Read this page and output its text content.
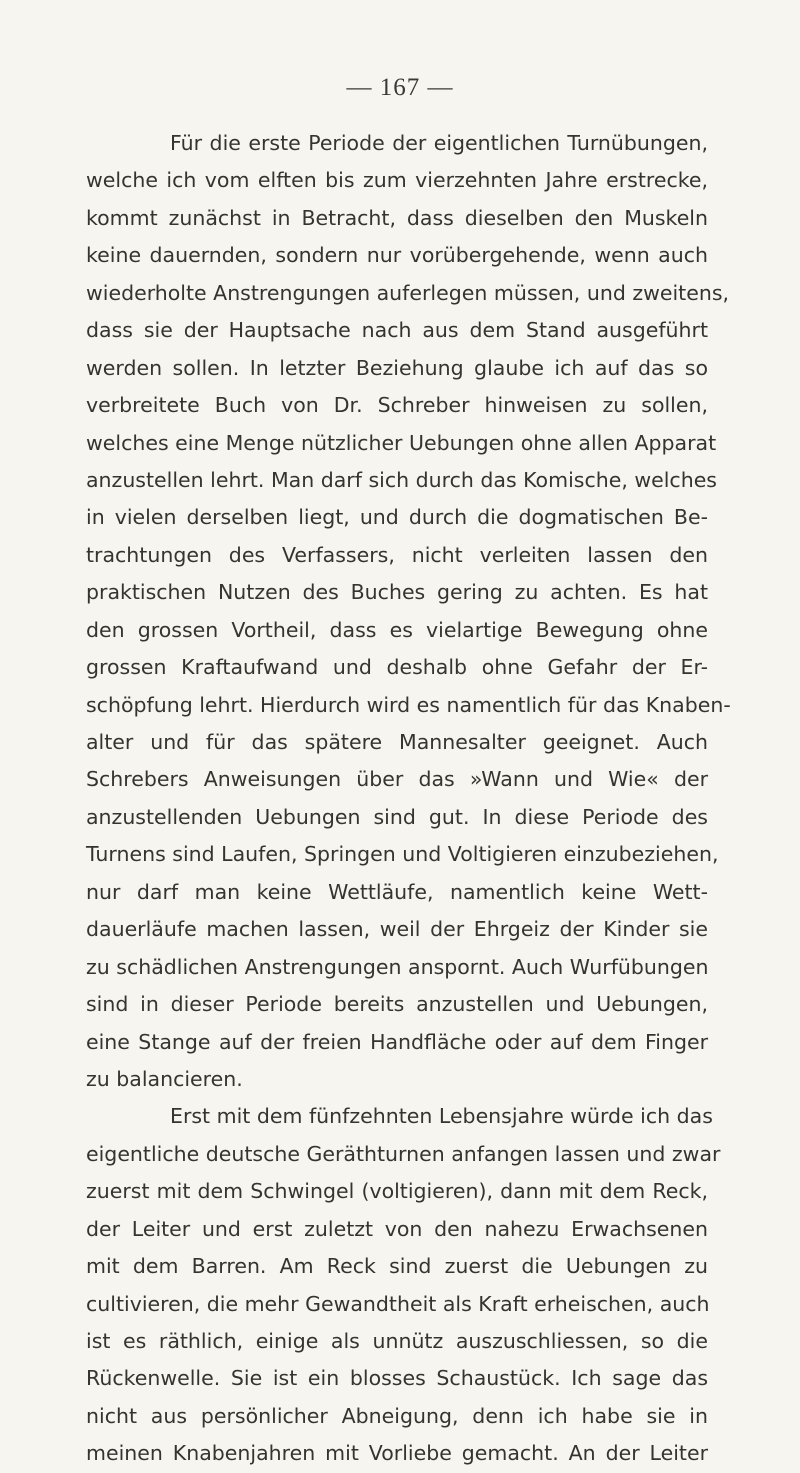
— 167 —
Für die erste Periode der eigentlichen Turnübungen,
welche ich vom elften bis zum vierzehnten Jahre erstrecke,
kommt zunächst in Betracht, dass dieselben den Muskeln
keine dauernden, sondern nur vorübergehende, wenn auch
wiederholte Anstrengungen auferlegen müssen, und zweitens,
dass sie der Hauptsache nach aus dem Stand ausgeführt
werden sollen. In letzter Beziehung glaube ich auf das so
verbreitete Buch von Dr. Schreber hinweisen zu sollen,
welches eine Menge nützlicher Uebungen ohne allen Apparat
anzustellen lehrt. Man darf sich durch das Komische, welches
in vielen derselben liegt, und durch die dogmatischen Be-
trachtungen des Verfassers, nicht verleiten lassen den
praktischen Nutzen des Buches gering zu achten. Es hat
den grossen Vortheil, dass es vielartige Bewegung ohne
grossen Kraftaufwand und deshalb ohne Gefahr der Er-
schöpfung lehrt. Hierdurch wird es namentlich für das Knaben-
alter und für das spätere Mannesalter geeignet. Auch
Schrebers Anweisungen über das »Wann und Wie« der
anzustellenden Uebungen sind gut. In diese Periode des
Turnens sind Laufen, Springen und Voltigieren einzubeziehen,
nur darf man keine Wettläufe, namentlich keine Wett-
dauerläufe machen lassen, weil der Ehrgeiz der Kinder sie
zu schädlichen Anstrengungen anspornt. Auch Wurfübungen
sind in dieser Periode bereits anzustellen und Uebungen,
eine Stange auf der freien Handfläche oder auf dem Finger
zu balancieren.
Erst mit dem fünfzehnten Lebensjahre würde ich das
eigentliche deutsche Geräthturnen anfangen lassen und zwar
zuerst mit dem Schwingel (voltigieren), dann mit dem Reck,
der Leiter und erst zuletzt von den nahezu Erwachsenen
mit dem Barren. Am Reck sind zuerst die Uebungen zu
cultivieren, die mehr Gewandtheit als Kraft erheischen, auch
ist es räthlich, einige als unnütz auszuschliessen, so die
Rückenwelle. Sie ist ein blosses Schaustück. Ich sage das
nicht aus persönlicher Abneigung, denn ich habe sie in
meinen Knabenjahren mit Vorliebe gemacht. An der Leiter
